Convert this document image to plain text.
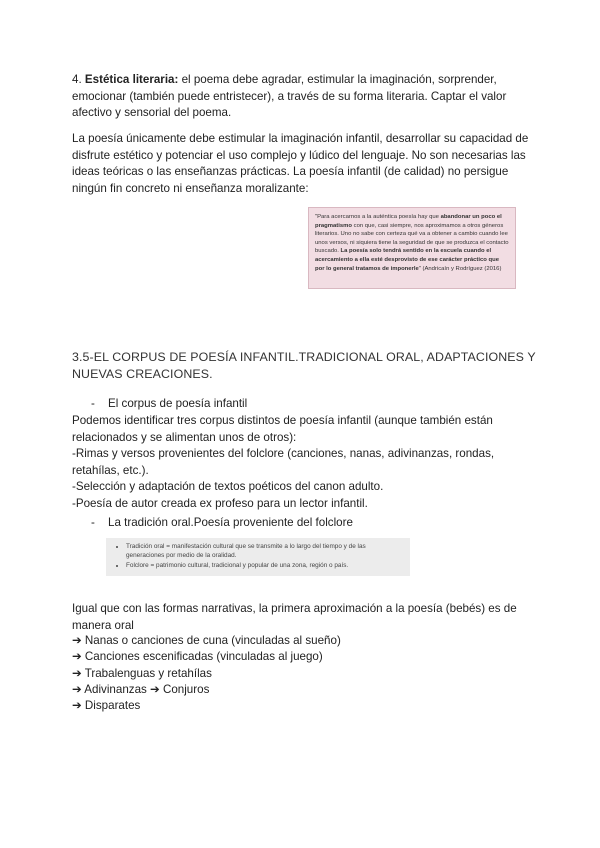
4. Estética literaria: el poema debe agradar, estimular la imaginación, sorprender, emocionar (también puede entristecer), a través de su forma literaria. Captar el valor afectivo y sensorial del poema.

La poesía únicamente debe estimular la imaginación infantil, desarrollar su capacidad de disfrute estético y potenciar el uso complejo y lúdico del lenguaje. No son necesarias las ideas teóricas o las enseñanzas prácticas. La poesía infantil (de calidad) no persigue ningún fin concreto ni enseñanza moralizante:

"Para acercarnos a la auténtica poesía hay que abandonar un poco el pragmatismo con que, casi siempre, nos aproximamos a otros géneros literarios. Uno no sabe con certeza qué va a obtener a cambio cuando lee unos versos, ni siquiera tiene la seguridad de que se produzca el contacto buscado. La poesía solo tendrá sentido en la escuela cuando el acercamiento a ella esté desprovisto de ese carácter práctico que por lo general tratamos de imponerle" (Andricaín y Rodríguez (2016)

3.5-EL CORPUS DE POESÍA INFANTIL.TRADICIONAL ORAL, ADAPTACIONES Y NUEVAS CREACIONES.

- El corpus de poesía infantil
Podemos identificar tres corpus distintos de poesía infantil (aunque también están relacionados y se alimentan unos de otros):
-Rimas y versos provenientes del folclore (canciones, nanas, adivinanzas, rondas, retahílas, etc.).
-Selección y adaptación de textos poéticos del canon adulto.
-Poesía de autor creada ex profeso para un lector infantil.
- La tradición oral.Poesía proveniente del folclore
• Tradición oral = manifestación cultural que se transmite a lo largo del tiempo y de las generaciones por medio de la oralidad.
• Folclore = patrimonio cultural, tradicional y popular de una zona, región o país.

Igual que con las formas narrativas, la primera aproximación a la poesía (bebés) es de manera oral

➔ Nanas o canciones de cuna (vinculadas al sueño)
➔ Canciones escenificadas (vinculadas al juego)
➔ Trabalenguas y retahílas
➔ Adivinanzas ➔ Conjuros
➔ Disparates
